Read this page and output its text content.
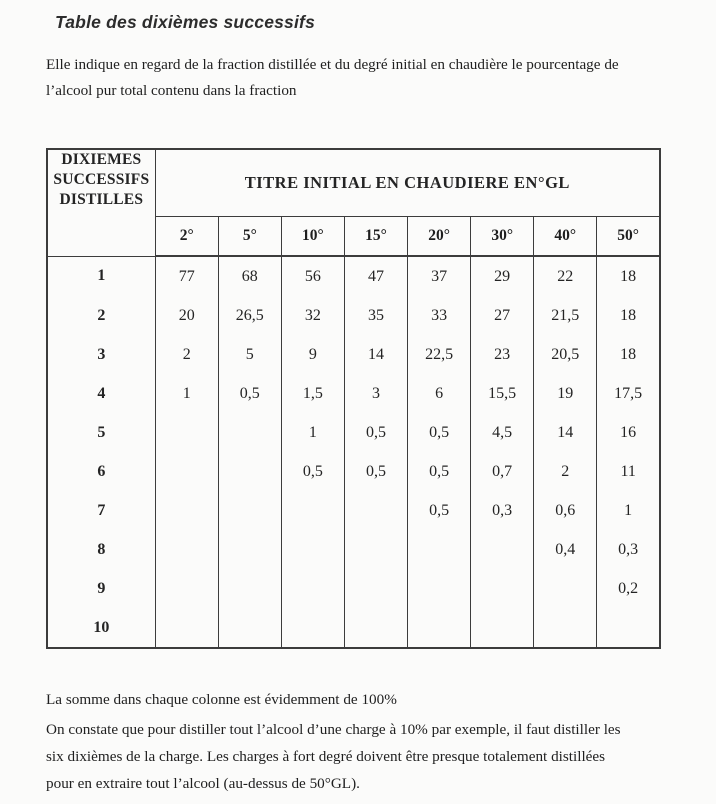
Table des dixièmes successifs
Elle indique en regard de la fraction distillée et du degré initial en chaudière le pourcentage de
l’alcool pur total contenu dans la fraction
DIXIEMES SUCCESSIFS DISTILLES	TITRE INITIAL EN CHAUDIERE EN°GL							
	2°	5°	10°	15°	20°	30°	40°	50°
1	77	68	56	47	37	29	22	18
2	20	26,5	32	35	33	27	21,5	18
3	2	5	9	14	22,5	23	20,5	18
4	1	0,5	1,5	3	6	15,5	19	17,5
5			1	0,5	0,5	4,5	14	16
6			0,5	0,5	0,5	0,7	2	11
7					0,5	0,3	0,6	1
8							0,4	0,3
9								0,2
10								
La somme dans chaque colonne est évidemment de 100%
On constate que pour distiller tout l’alcool d’une charge à 10% par exemple, il faut distiller les
six dixièmes de la charge. Les charges à fort degré doivent être presque totalement distillées
pour en extraire tout l’alcool (au-dessus de 50°GL).
